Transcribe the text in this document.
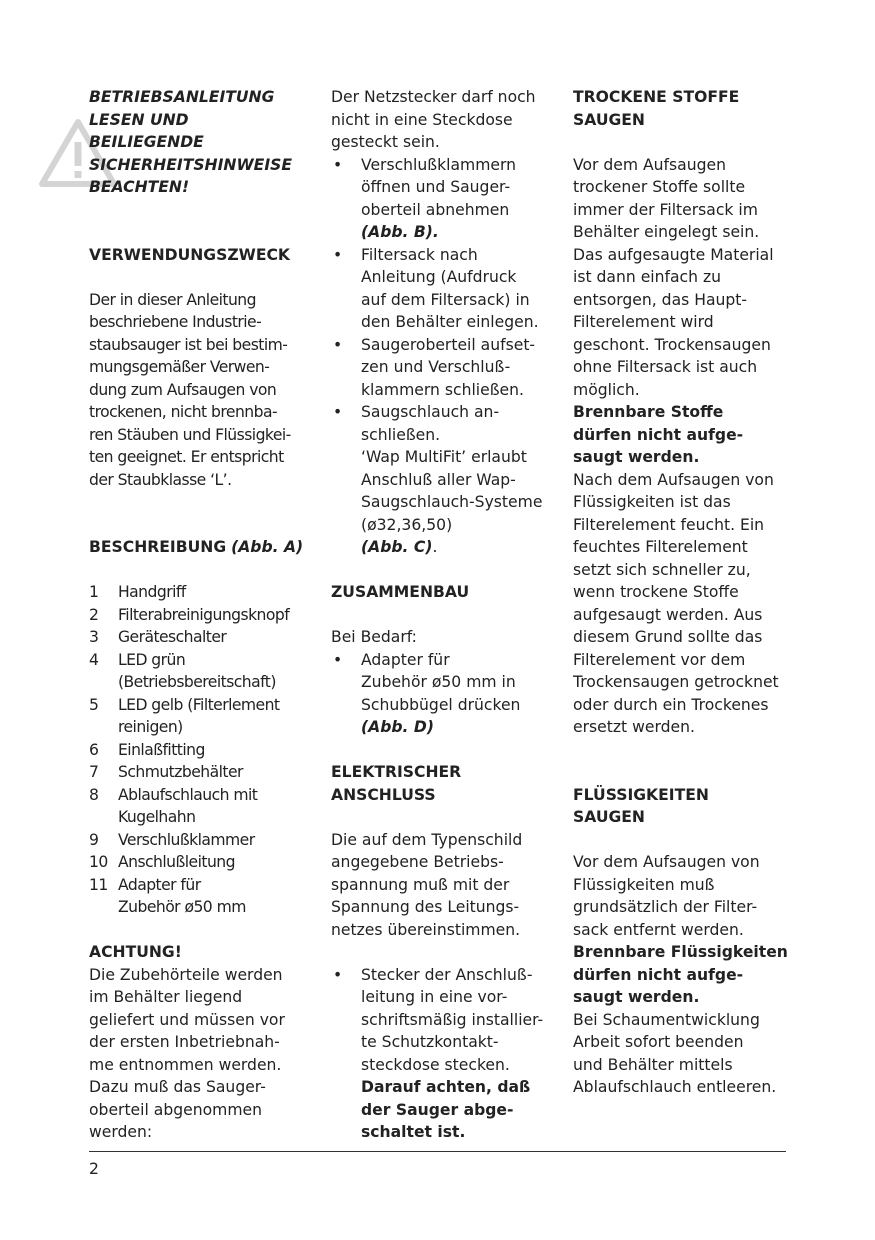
BETRIEBSANLEITUNG

LESEN UND

BEILIEGENDE

SICHERHEITSHINWEISE

BEACHTEN!

VERWENDUNGSZWECK

Der in dieser Anleitung

beschriebene Industrie-

staubsauger ist bei bestim-

mungsgemäßer Verwen-

dung zum Aufsaugen von

trockenen, nicht brennba-

ren Stäuben und Flüssigkei-

ten geeignet. Er entspricht

der Staubklasse ‘L’.

BESCHREIBUNG (Abb. A)

1 Handgriff
2 Filterabreinigungsknopf
3 Geräteschalter
4 LED grün
(Betriebsbereitschaft)
5 LED gelb (Filterlement
reinigen)
6 Einlaßfitting
7 Schmutzbehälter
8 Ablaufschlauch mit
Kugelhahn
9 Verschlußklammer
10 Anschlußleitung
11 Adapter für
Zubehör ø50 mm

ACHTUNG!

Die Zubehörteile werden

im Behälter liegend

geliefert und müssen vor

der ersten Inbetriebnah-

me entnommen werden.

Dazu muß das Sauger-

oberteil abgenommen

werden:

Der Netzstecker darf noch

nicht in eine Steckdose

gesteckt sein.

• Verschlußklammern
öffnen und Sauger-
oberteil abnehmen
(Abb. B).
• Filtersack nach
Anleitung (Aufdruck
auf dem Filtersack) in
den Behälter einlegen.
• Saugeroberteil aufset-
zen und Verschluß-
klammern schließen.
• Saugschlauch an-
schließen.
‘Wap MultiFit’ erlaubt
Anschluß aller Wap-
Saugschlauch-Systeme
(ø32,36,50)
(Abb. C).

ZUSAMMENBAU

Bei Bedarf:

• Adapter für
Zubehör ø50 mm in
Schubbügel drücken
(Abb. D)

ELEKTRISCHER

ANSCHLUSS

Die auf dem Typenschild

angegebene Betriebs-

spannung muß mit der

Spannung des Leitungs-

netzes übereinstimmen.

• Stecker der Anschluß-
leitung in eine vor-
schriftsmäßig installier-
te Schutzkontakt-
steckdose stecken.
Darauf achten, daß
der Sauger abge-
schaltet ist.

TROCKENE STOFFE

SAUGEN

Vor dem Aufsaugen

trockener Stoffe sollte

immer der Filtersack im

Behälter eingelegt sein.

Das aufgesaugte Material

ist dann einfach zu

entsorgen, das Haupt-

Filterelement wird

geschont. Trockensaugen

ohne Filtersack ist auch

möglich.

Brennbare Stoffe

dürfen nicht aufge-

saugt werden.

Nach dem Aufsaugen von

Flüssigkeiten ist das

Filterelement feucht. Ein

feuchtes Filterelement

setzt sich schneller zu,

wenn trockene Stoffe

aufgesaugt werden. Aus

diesem Grund sollte das

Filterelement vor dem

Trockensaugen getrocknet

oder durch ein Trockenes

ersetzt werden.

FLÜSSIGKEITEN

SAUGEN

Vor dem Aufsaugen von

Flüssigkeiten muß

grundsätzlich der Filter-

sack entfernt werden.

Brennbare Flüssigkeiten

dürfen nicht aufge-

saugt werden.

Bei Schaumentwicklung

Arbeit sofort beenden

und Behälter mittels

Ablaufschlauch entleeren.

2
